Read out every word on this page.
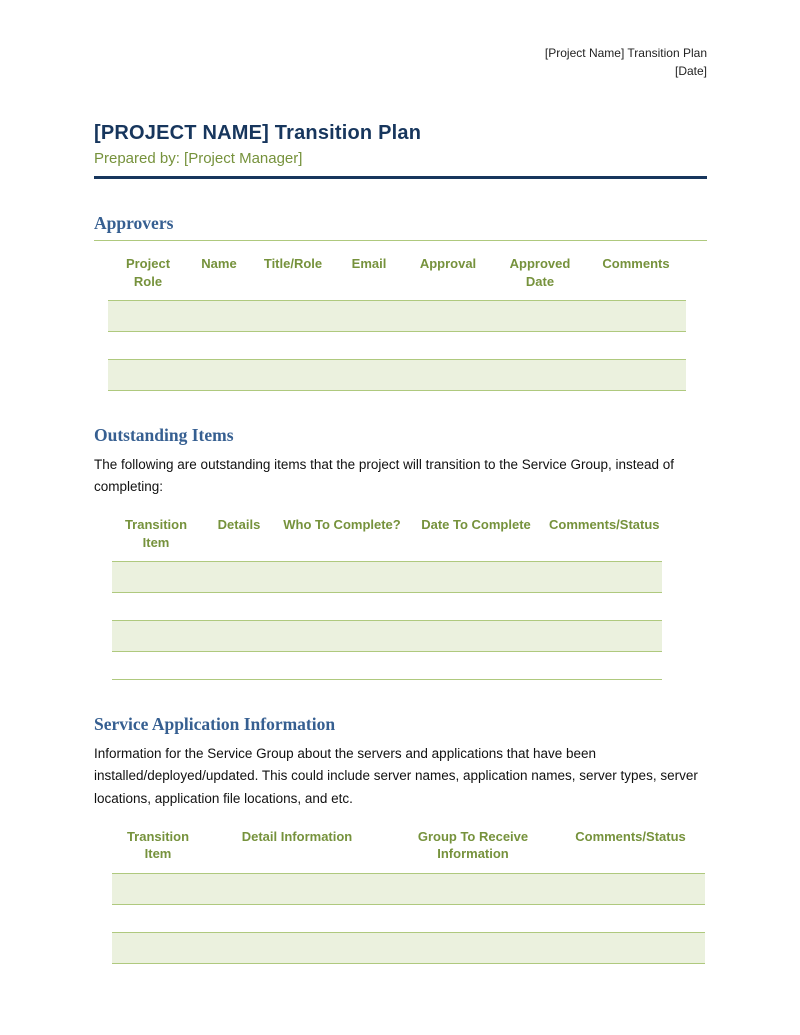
[Project Name] Transition Plan
[Date]
[PROJECT NAME] Transition Plan
Prepared by: [Project Manager]
Approvers
Project Role	Name	Title/Role	Email	Approval	Approved Date	Comments

Outstanding Items

The following are outstanding items that the project will transition to the Service Group, instead of completing:

Transition Item	Details	Who To Complete?	Date To Complete	Comments/Status

Service Application Information

Information for the Service Group about the servers and applications that have been installed/deployed/updated. This could include server names, application names, server types, server locations, application file locations, and etc.

Transition Item	Detail Information	Group To Receive Information	Comments/Status
